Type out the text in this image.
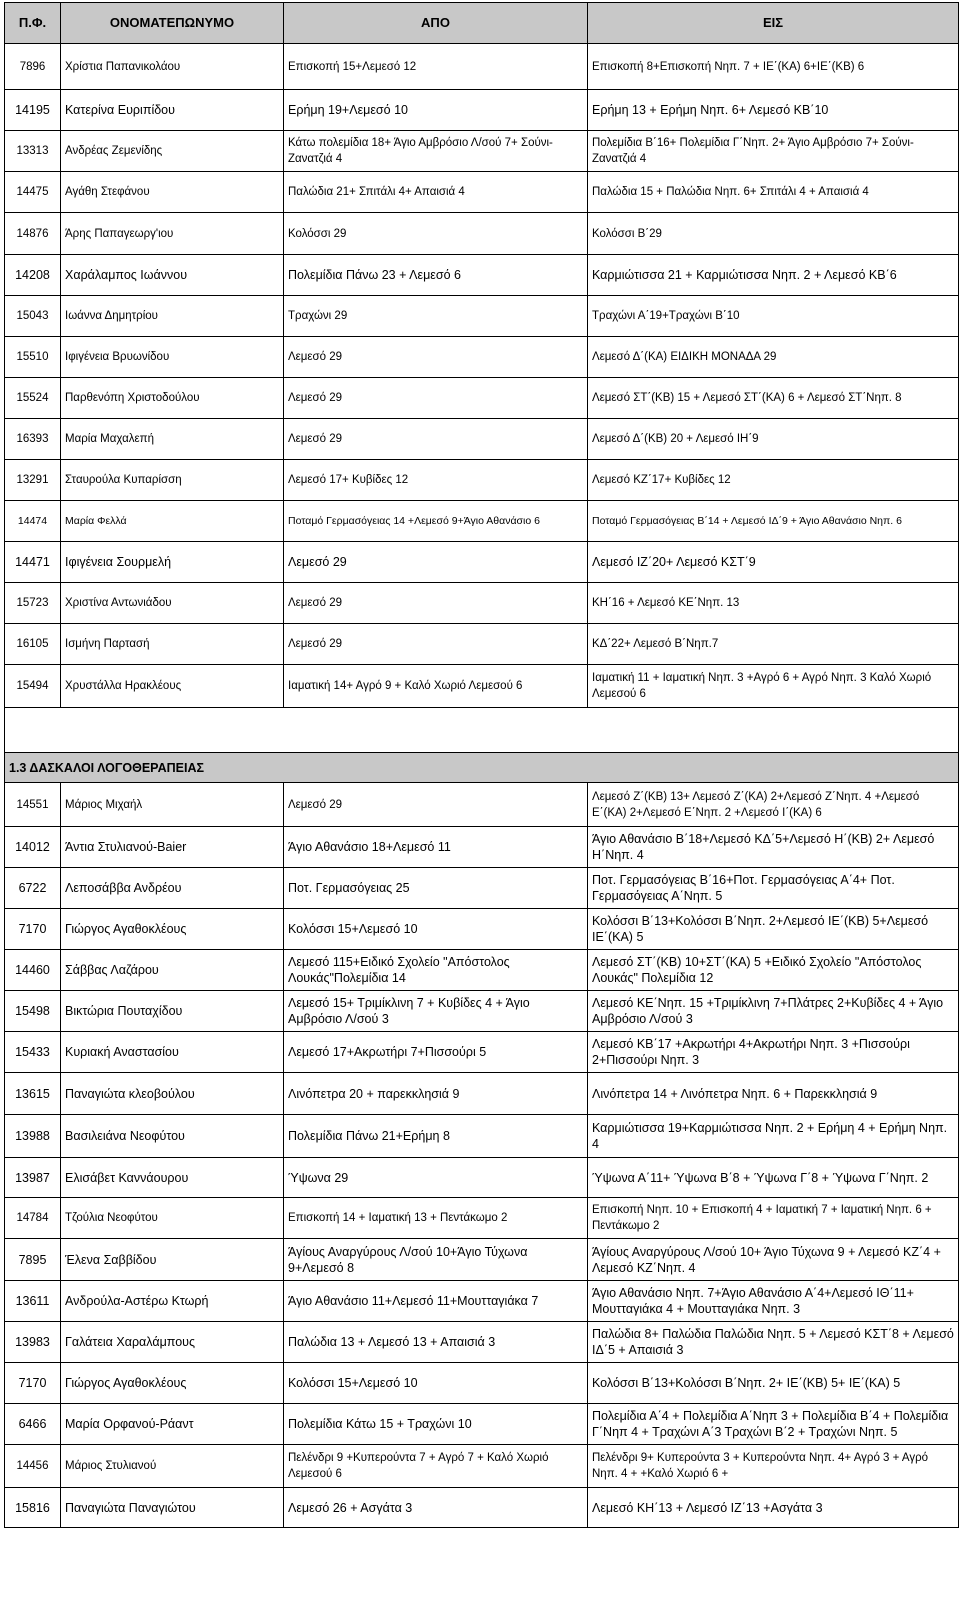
Π.Φ.	ΟΝΟΜΑΤΕΠΩΝΥΜΟ	ΑΠΟ	ΕΙΣ
7896	Χρίστια Παπανικολάου	Επισκοπή 15+Λεμεσό 12	Επισκοπή 8+Επισκοπή Νηπ. 7 + ΙΕ΄(ΚΑ) 6+ΙΕ΄(ΚΒ) 6
14195	Κατερίνα Ευριπίδου	Ερήμη 19+Λεμεσό 10	Ερήμη 13 + Ερήμη Νηπ. 6+ Λεμεσό ΚΒ΄10
13313	Ανδρέας Ζεμενίδης	Κάτω πολεμίδια 18+ Άγιο Αμβρόσιο Λ/σού 7+ Σούνι-Ζανατζιά 4	Πολεμίδια Β΄16+ Πολεμίδια Γ΄Νηπ. 2+ Άγιο Αμβρόσιο 7+ Σούνι-Ζανατζιά 4
14475	Αγάθη Στεφάνου	Παλώδια 21+ Σπιτάλι 4+ Απαισιά 4	Παλώδια 15 + Παλώδια Νηπ. 6+ Σπιτάλι 4 + Απαισιά 4
14876	Άρης Παπαγεωργ'ιου	Κολόσσι 29	Κολόσσι Β΄29
14208	Χαράλαμπος Ιωάννου	Πολεμίδια Πάνω 23 + Λεμεσό 6	Καρμιώτισσα 21 + Καρμιώτισσα Νηπ. 2 + Λεμεσό ΚΒ΄6
15043	Ιωάννα Δημητρίου	Τραχώνι 29	Τραχώνι Α΄19+Τραχώνι Β΄10
15510	Ιφιγένεια Βρυωνίδου	Λεμεσό 29	Λεμεσό Δ΄(ΚΑ) ΕΙΔΙΚΗ ΜΟΝΑΔΑ 29
15524	Παρθενόπη Χριστοδούλου	Λεμεσό 29	Λεμεσό ΣΤ΄(ΚΒ) 15 + Λεμεσό ΣΤ΄(ΚΑ) 6 + Λεμεσό ΣΤ΄Νηπ. 8
16393	Μαρία Μαχαλεπή	Λεμεσό 29	Λεμεσό Δ΄(ΚΒ) 20 + Λεμεσό ΙΗ΄9
13291	Σταυρούλα Κυπαρίσση	Λεμεσό 17+ Κυβίδες 12	Λεμεσό ΚΖ΄17+ Κυβίδες 12
14474	Μαρία Φελλά	Ποταμό Γερμασόγειας 14 +Λεμεσό 9+Άγιο Αθανάσιο 6	Ποταμό Γερμασόγειας Β΄14 + Λεμεσό ΙΔ΄9 + Άγιο Αθανάσιο Νηπ. 6
14471	Ιφιγένεια Σουρμελή	Λεμεσό 29	Λεμεσό ΙΖ΄20+ Λεμεσό ΚΣΤ΄9
15723	Χριστίνα Αντωνιάδου	Λεμεσό 29	ΚΗ΄16 + Λεμεσό ΚΕ΄Νηπ. 13
16105	Ισμήνη Παρτασή	Λεμεσό 29	ΚΔ΄22+ Λεμεσό Β΄Νηπ.7
15494	Χρυστάλλα Ηρακλέους	Ιαματική 14+ Αγρό 9 + Καλό Χωριό Λεμεσού 6	Ιαματική 11 + Ιαματική Νηπ. 3 +Αγρό 6 + Αγρό Νηπ. 3 Καλό Χωριό Λεμεσού 6

1.3 ΔΑΣΚΑΛΟΙ ΛΟΓΟΘΕΡΑΠΕΙΑΣ			
14551	Μάριος Μιχαήλ	Λεμεσό 29	Λεμεσό Ζ΄(ΚΒ) 13+ Λεμεσό Ζ΄(ΚΑ) 2+Λεμεσό Ζ΄Νηπ. 4 +Λεμεσό Ε΄(ΚΑ) 2+Λεμεσό Ε΄Νηπ. 2 +Λεμεσό Ι΄(ΚΑ) 6
14012	Άντια Στυλιανού-Baier	Άγιο Αθανάσιο 18+Λεμεσό 11	Άγιο Αθανάσιο Β΄18+Λεμεσό ΚΔ΄5+Λεμεσό Η΄(ΚΒ) 2+ Λεμεσό Η΄Νηπ. 4
6722	Λεποσάββα Ανδρέου	Ποτ. Γερμασόγειας 25	Ποτ. Γερμασόγειας Β΄16+Ποτ. Γερμασόγειας Α΄4+ Ποτ. Γερμασόγειας Α΄Νηπ. 5
7170	Γιώργος Αγαθοκλέους	Κολόσσι 15+Λεμεσό 10	Κολόσσι Β΄13+Κολόσσι Β΄Νηπ. 2+Λεμεσό ΙΕ΄(ΚΒ) 5+Λεμεσό ΙΕ΄(ΚΑ) 5
14460	Σάββας Λαζάρου	Λεμεσό 115+Ειδικό Σχολείο "Απόστολος Λουκάς"Πολεμίδια 14	Λεμεσό ΣΤ΄(ΚΒ) 10+ΣΤ΄(ΚΑ) 5 +Ειδικό Σχολείο "Απόστολος Λουκάς" Πολεμίδια 12
15498	Βικτώρια Πουταχίδου	Λεμεσό 15+ Τριμίκλινη 7 + Κυβίδες 4 + Άγιο Αμβρόσιο Λ/σού 3	Λεμεσό ΚΕ΄Νηπ. 15 +Τριμίκλινη 7+Πλάτρες 2+Κυβίδες 4 + Άγιο Αμβρόσιο Λ/σού 3
15433	Κυριακή Αναστασίου	Λεμεσό 17+Ακρωτήρι 7+Πισσούρι 5	Λεμεσό ΚΒ΄17 +Ακρωτήρι 4+Ακρωτήρι Νηπ. 3 +Πισσούρι 2+Πισσούρι Νηπ. 3
13615	Παναγιώτα κλεοβούλου	Λινόπετρα 20 + παρεκκλησιά 9	Λινόπετρα 14 + Λινόπετρα Νηπ. 6 + Παρεκκλησιά 9
13988	Βασιλειάνα Νεοφύτου	Πολεμίδια Πάνω 21+Ερήμη 8	Καρμιώτισσα 19+Καρμιώτισσα Νηπ. 2 + Ερήμη 4 + Ερήμη Νηπ. 4
13987	Ελισάβετ Καννάουρου	Ύψωνα 29	Ύψωνα Α΄11+ Ύψωνα Β΄8 + Ύψωνα Γ΄8 + Ύψωνα Γ΄Νηπ. 2
14784	Τζούλια Νεοφύτου	Επισκοπή 14 + Ιαματική 13 + Πεντάκωμο 2	Επισκοπή Νηπ. 10 + Επισκοπή 4 + Ιαματική 7 + Ιαματική Νηπ. 6 + Πεντάκωμο 2
7895	Έλενα Σαββίδου	Άγίους Αναργύρους Λ/σού 10+Άγιο Τύχωνα 9+Λεμεσό 8	Άγίους Αναργύρους Λ/σού 10+ Άγιο Τύχωνα 9 + Λεμεσό ΚΖ΄4 + Λεμεσό ΚΖ΄Νηπ. 4
13611	Ανδρούλα-Αστέρω Κτωρή	Άγιο Αθανάσιο 11+Λεμεσό 11+Μουτταγιάκα 7	Άγιο Αθανάσιο Νηπ. 7+Άγιο Αθανάσιο Α΄4+Λεμεσό ΙΘ΄11+ Μουτταγιάκα 4 + Μουτταγιάκα Νηπ. 3
13983	Γαλάτεια Χαραλάμπους	Παλώδια 13 + Λεμεσό 13 + Απαισιά 3	Παλώδια 8+ Παλώδια Παλώδια Νηπ. 5 + Λεμεσό ΚΣΤ΄8 + Λεμεσό ΙΔ΄5 + Απαισιά 3
7170	Γιώργος Αγαθοκλέους	Κολόσσι 15+Λεμεσό 10	Κολόσσι Β΄13+Κολόσσι Β΄Νηπ. 2+ ΙΕ΄(ΚΒ) 5+ ΙΕ΄(ΚΑ) 5
6466	Μαρία Ορφανού-Ράαντ	Πολεμίδια Κάτω 15 + Τραχώνι 10	Πολεμίδια Α΄4 + Πολεμίδια Α΄Νηπ 3 + Πολεμίδια Β΄4 + Πολεμίδια Γ΄Νηπ 4 + Τραχώνι Α΄3 Τραχώνι Β΄2 + Τραχώνι Νηπ. 5
14456	Μάριος Στυλιανού	Πελένδρι 9 +Κυπερούντα 7 + Αγρό 7 + Καλό Χωριό Λεμεσού 6	Πελένδρι 9+ Κυπερούντα 3 + Κυπερούντα Νηπ. 4+ Αγρό 3 + Αγρό Νηπ. 4 + +Καλό Χωριό 6 +
15816	Παναγιώτα Παναγιώτου	Λεμεσό 26 + Ασγάτα 3	Λεμεσό ΚΗ΄13 + Λεμεσό ΙΖ΄13 +Ασγάτα 3
